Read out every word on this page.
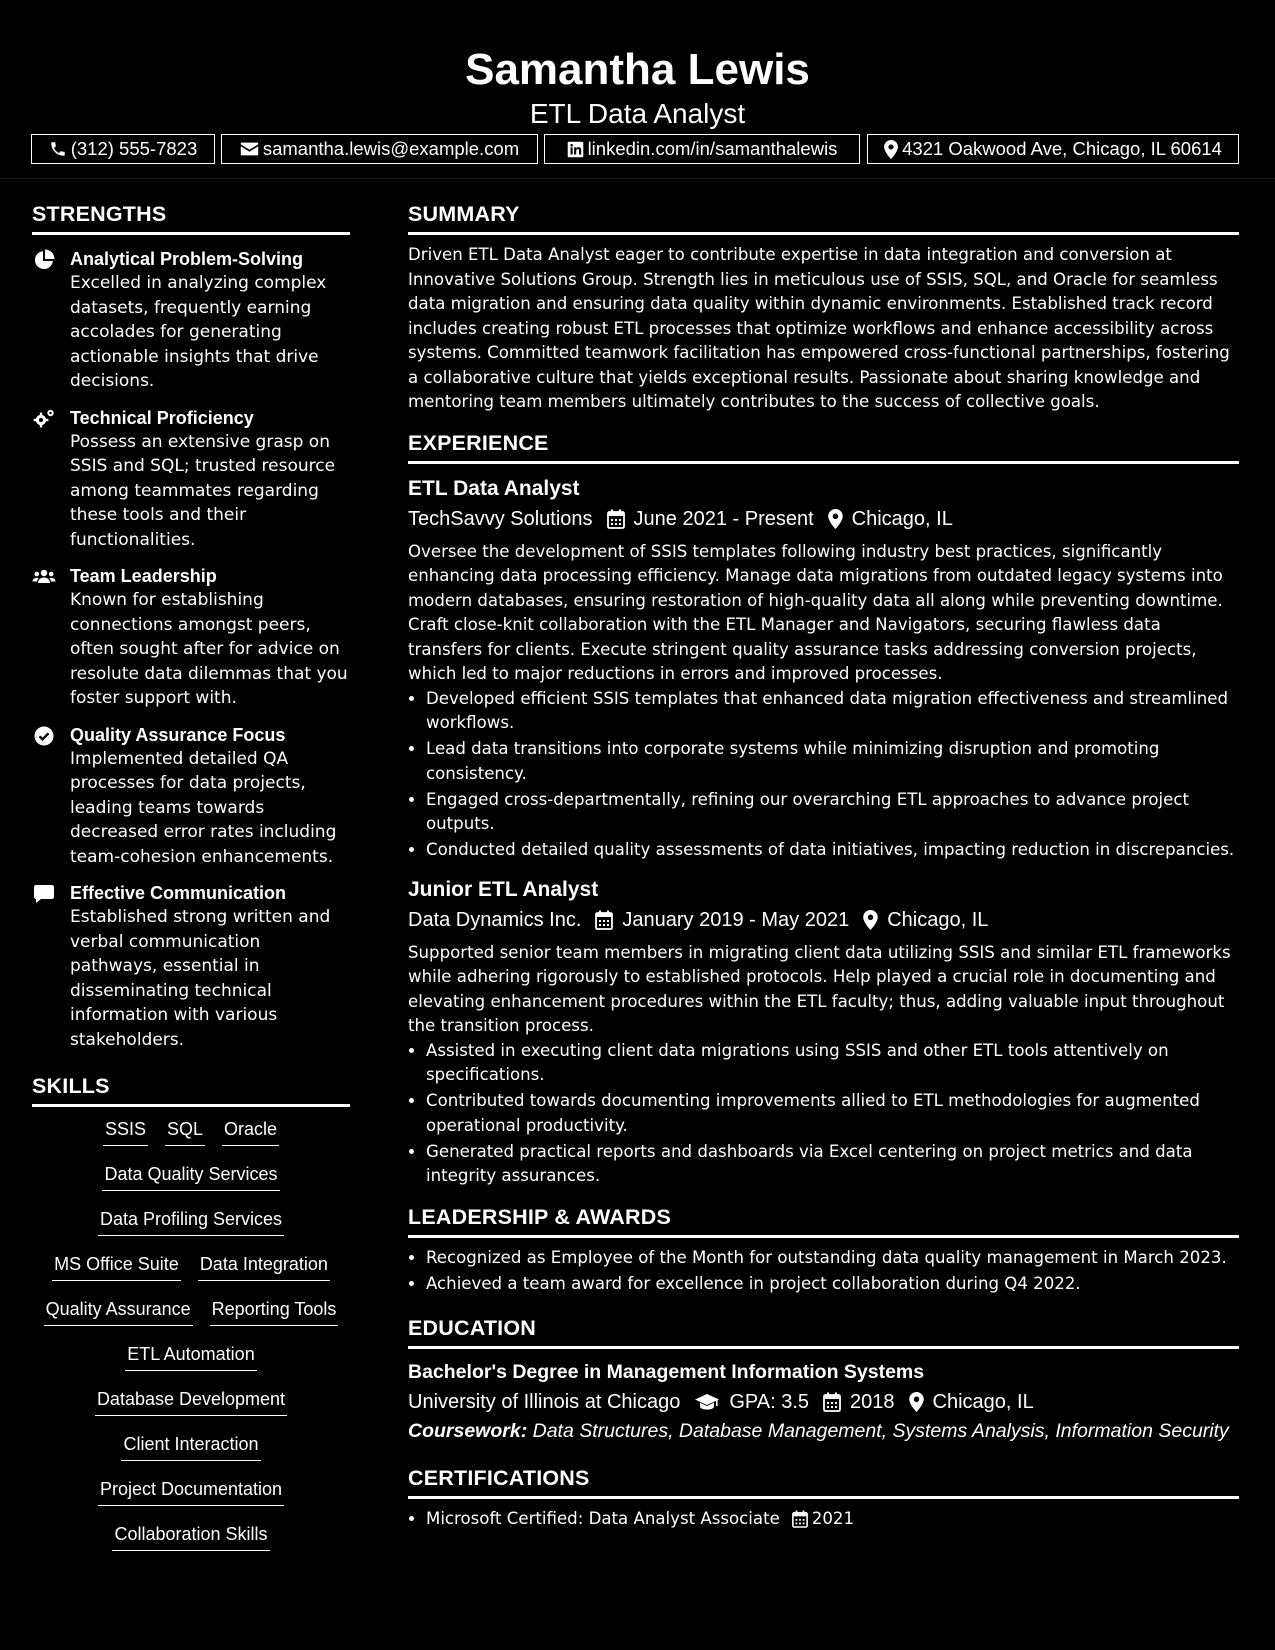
Samantha Lewis
ETL Data Analyst
(312) 555-7823	samantha.lewis@example.com	linkedin.com/in/samanthalewis	4321 Oakwood Ave, Chicago, IL 60614
STRENGTHS
Analytical Problem-Solving

Excelled in analyzing complex datasets, frequently earning accolades for generating actionable insights that drive decisions.

Technical Proficiency

Possess an extensive grasp on SSIS and SQL; trusted resource among teammates regarding these tools and their functionalities.

Team Leadership

Known for establishing connections amongst peers, often sought after for advice on resolute data dilemmas that you foster support with.

Quality Assurance Focus

Implemented detailed QA processes for data projects, leading teams towards decreased error rates including team-cohesion enhancements.

Effective Communication

Established strong written and verbal communication pathways, essential in disseminating technical information with various stakeholders.

SKILLS
SSIS SQL Oracle
Data Quality Services
Data Profiling Services
MS Office Suite Data Integration
Quality Assurance Reporting Tools
ETL Automation
Database Development
Client Interaction
Project Documentation
Collaboration Skills
SUMMARY

Driven ETL Data Analyst eager to contribute expertise in data integration and conversion at Innovative Solutions Group. Strength lies in meticulous use of SSIS, SQL, and Oracle for seamless data migration and ensuring data quality within dynamic environments. Established track record includes creating robust ETL processes that optimize workflows and enhance accessibility across systems. Committed teamwork facilitation has empowered cross-functional partnerships, fostering a collaborative culture that yields exceptional results. Passionate about sharing knowledge and mentoring team members ultimately contributes to the success of collective goals.

EXPERIENCE
ETL Data Analyst
TechSavvy Solutions June 2021 - Present Chicago, IL

Oversee the development of SSIS templates following industry best practices, significantly enhancing data processing efficiency. Manage data migrations from outdated legacy systems into modern databases, ensuring restoration of high-quality data all along while preventing downtime. Craft close-knit collaboration with the ETL Manager and Navigators, securing flawless data transfers for clients. Execute stringent quality assurance tasks addressing conversion projects, which led to major reductions in errors and improved processes.

• Developed efficient SSIS templates that enhanced data migration effectiveness and streamlined workflows.
• Lead data transitions into corporate systems while minimizing disruption and promoting consistency.
• Engaged cross-departmentally, refining our overarching ETL approaches to advance project outputs.
• Conducted detailed quality assessments of data initiatives, impacting reduction in discrepancies.
Junior ETL Analyst
Data Dynamics Inc. January 2019 - May 2021 Chicago, IL

Supported senior team members in migrating client data utilizing SSIS and similar ETL frameworks while adhering rigorously to established protocols. Help played a crucial role in documenting and elevating enhancement procedures within the ETL faculty; thus, adding valuable input throughout the transition process.

• Assisted in executing client data migrations using SSIS and other ETL tools attentively on specifications.
• Contributed towards documenting improvements allied to ETL methodologies for augmented operational productivity.
• Generated practical reports and dashboards via Excel centering on project metrics and data integrity assurances.
LEADERSHIP & AWARDS
• Recognized as Employee of the Month for outstanding data quality management in March 2023.
• Achieved a team award for excellence in project collaboration during Q4 2022.
EDUCATION
Bachelor's Degree in Management Information Systems
University of Illinois at Chicago GPA: 3.5 2018 Chicago, IL

Coursework: Data Structures, Database Management, Systems Analysis, Information Security

CERTIFICATIONS
• Microsoft Certified: Data Analyst Associate 2021
